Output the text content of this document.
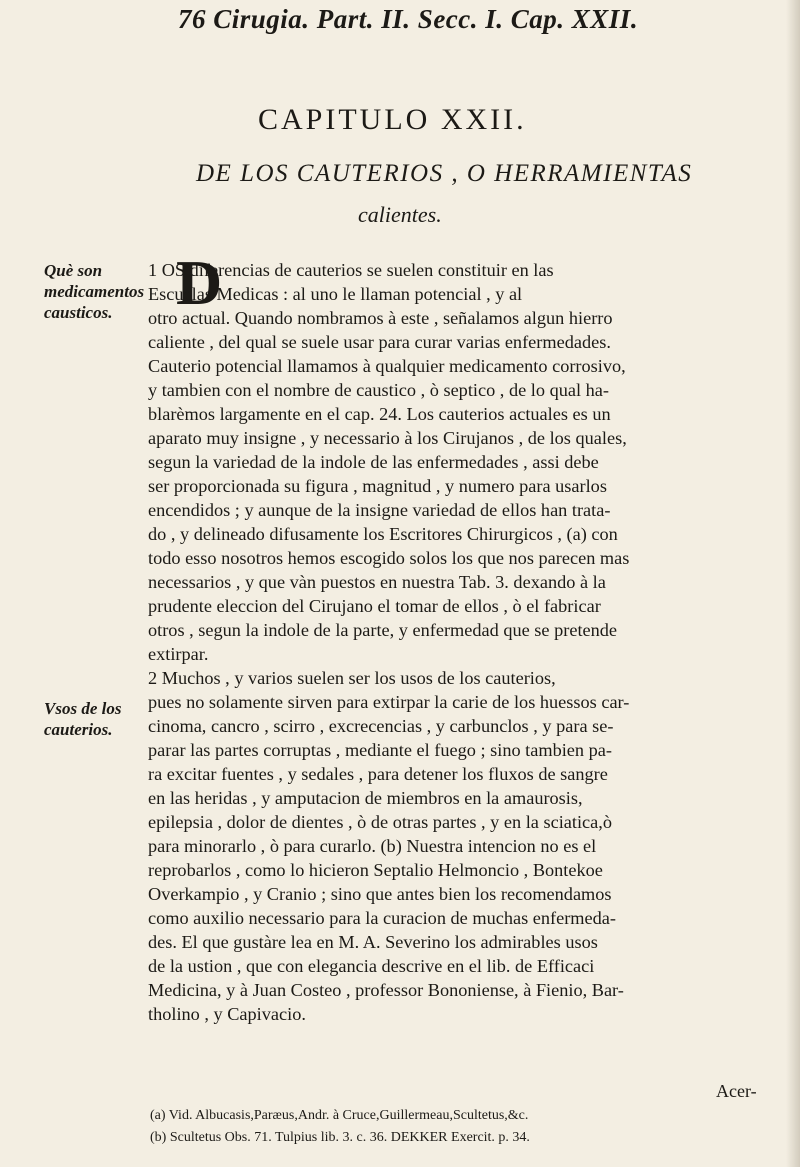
76 Cirugia. Part. II. Secc. I. Cap. XXII.
CAPITULO XXII.
DE LOS CAUTERIOS , O HERRAMIENTAS
calientes.
Què son medicamentos causticos.
Vsos de los cauterios.
D
1 OS diferencias de cauterios se suelen constituir en las
Escuelas Medicas : al uno le llaman potencial , y al
otro actual. Quando nombramos à este , señalamos algun hierro
caliente , del qual se suele usar para curar varias enfermedades.
Cauterio potencial llamamos à qualquier medicamento corrosivo,
y tambien con el nombre de caustico , ò septico , de lo qual ha-
blarèmos largamente en el cap. 24. Los cauterios actuales es un
aparato muy insigne , y necessario à los Cirujanos , de los quales,
segun la variedad de la indole de las enfermedades , assi debe
ser proporcionada su figura , magnitud , y numero para usarlos
encendidos ; y aunque de la insigne variedad de ellos han trata-
do , y delineado difusamente los Escritores Chirurgicos , (a) con
todo esso nosotros hemos escogido solos los que nos parecen mas
necessarios , y que vàn puestos en nuestra Tab. 3. dexando à la
prudente eleccion del Cirujano el tomar de ellos , ò el fabricar
otros , segun la indole de la parte, y enfermedad que se pretende
extirpar.
2 Muchos , y varios suelen ser los usos de los cauterios,
pues no solamente sirven para extirpar la carie de los huessos car-
cinoma, cancro , scirro , excrecencias , y carbunclos , y para se-
parar las partes corruptas , mediante el fuego ; sino tambien pa-
ra excitar fuentes , y sedales , para detener los fluxos de sangre
en las heridas , y amputacion de miembros en la amaurosis,
epilepsia , dolor de dientes , ò de otras partes , y en la sciatica,ò
para minorarlo , ò para curarlo. (b) Nuestra intencion no es el
reprobarlos , como lo hicieron Septalio Helmoncio , Bontekoe
Overkampio , y Cranio ; sino que antes bien los recomendamos
como auxilio necessario para la curacion de muchas enfermeda-
des. El que gustàre lea en M. A. Severino los admirables usos
de la ustion , que con elegancia descrive en el lib. de Efficaci
Medicina, y à Juan Costeo , professor Bononiense, à Fienio, Bar-
tholino , y Capivacio.
Acer-
(a) Vid. Albucasis,Paræus,Andr. à Cruce,Guillermeau,Scultetus,&c.
(b) Scultetus Obs. 71. Tulpius lib. 3. c. 36. DEKKER Exercit. p. 34.
